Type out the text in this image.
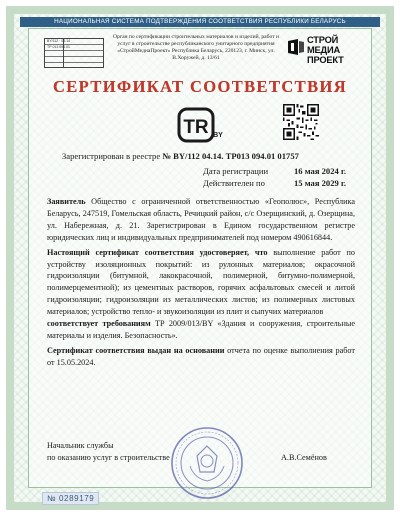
НАЦИОНАЛЬНАЯ СИСТЕМА ПОДТВЕРЖДЕНИЯ СООТВЕТСТВИЯ РЕСПУБЛИКИ БЕЛАРУСЬ
BY/112 · 04.14
ТР 013 094.01

Орган по сертификации строительных материалов и изделий, работ и услуг в строительстве республиканского унитарного предприятия «СтройМедиаПроект» Республика Беларусь, 220123, г. Минск, ул. В.Хоружей, д. 13/61
СТРОЙ
МЕДИА
ПРОЕКТ
СЕРТИФИКАТ СООТВЕТСТВИЯ
TR BY
Зарегистрирован в реестре № BY/112 04.14. ТР013 094.01 01757
Дата регистрации	16 мая 2024 г.
Действителен по	15 мая 2029 г.

Заявитель Общество с ограниченной ответственностью «Геополюс», Республика Беларусь, 247519, Гомельская область, Речицкий район, с/с Озерщинский, д. Озерщина, ул. Набережная, д. 21. Зарегистрирован в Едином государственном регистре юридических лиц и индивидуальных предпринимателей под номером 490616844.

Настоящий сертификат соответствия удостоверяет, что выполнение работ по устройству изоляционных покрытий: из рулонных материалов; окрасочной гидроизоляции (битумной, лакокрасочной, полимерной, битумно-полимерной, полимерцементной); из цементных растворов, горячих асфальтовых смесей и литой гидроизоляции; гидроизоляции из металлических листов; из полимерных листовых материалов; устройство тепло- и звукоизоляции из плит и сыпучих материалов
соответствует требованиям ТР 2009/013/BY «Здания и сооружения, строительные материалы и изделия. Безопасность».

Сертификат соответствия выдан на основании отчета по оценке выполнения работ от 15.05.2024.

Начальник службы
по оказанию услуг в строительстве	А.В.Семёнов
№ 0289179
